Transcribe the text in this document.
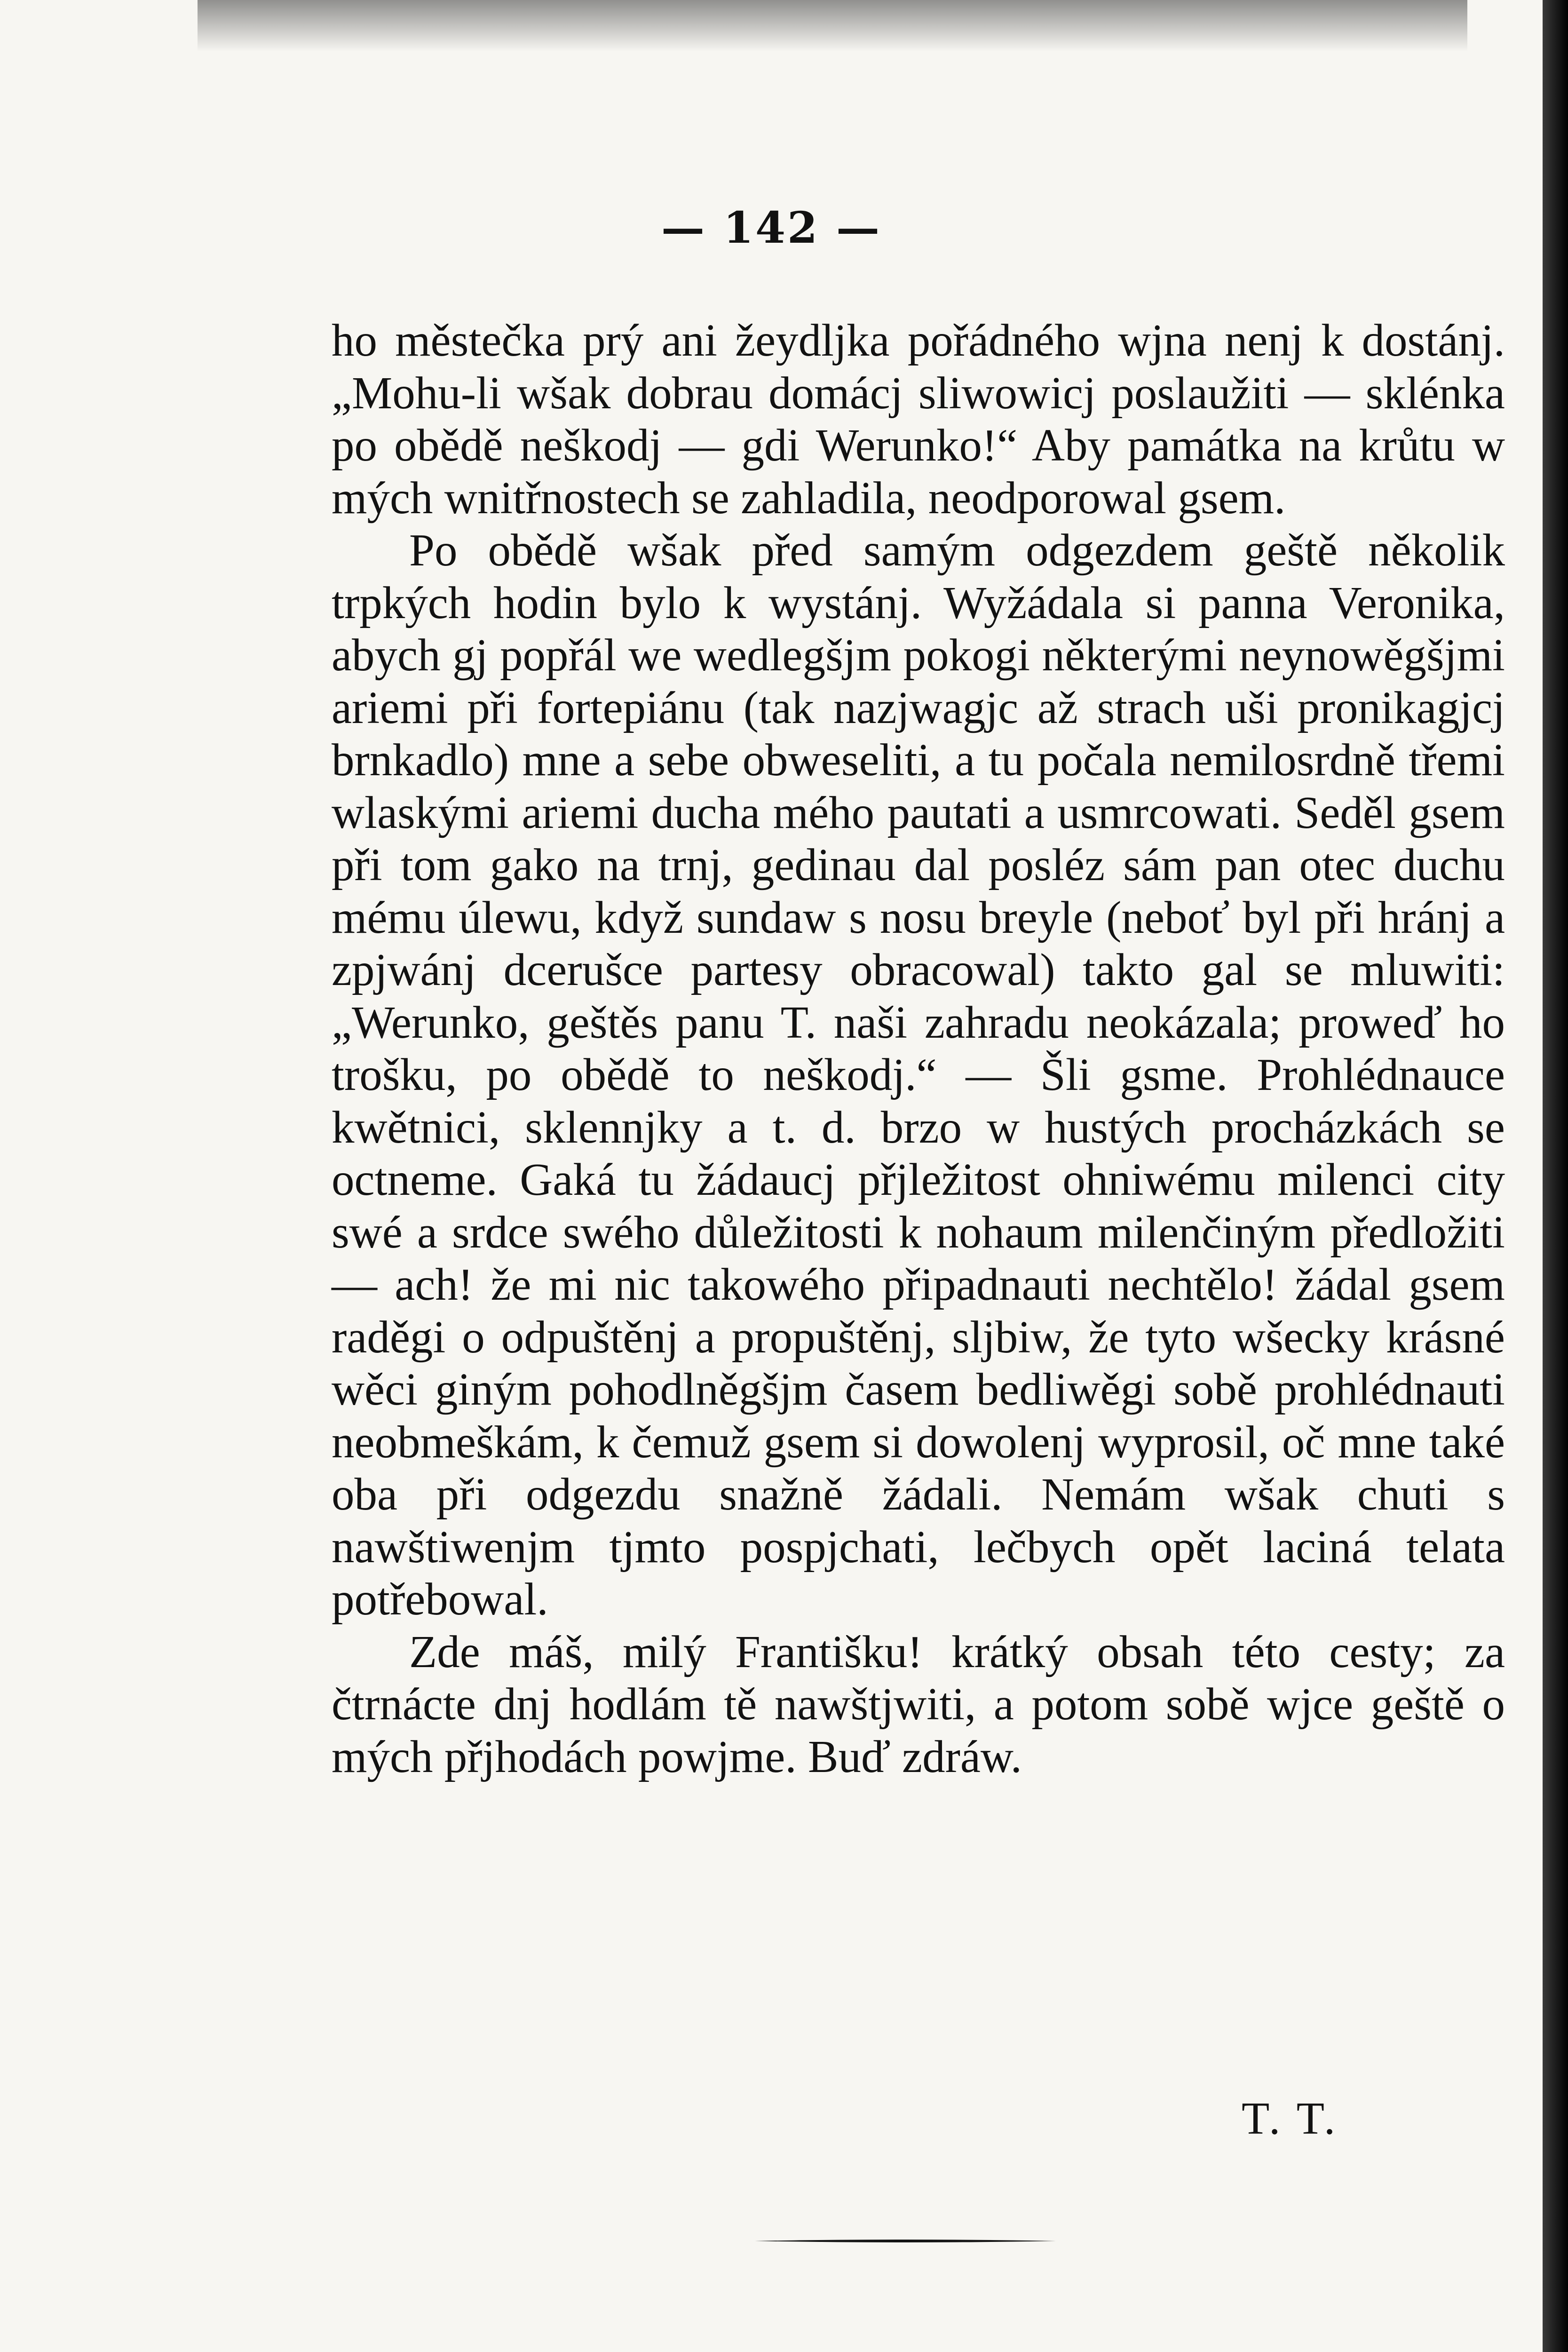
— 142 —

ho městečka prý ani žeydljka pořádného wjna nenj k dostánj. „Mohu-li wšak dobrau domácj sliwowicj poslaužiti — sklénka po obědě neškodj — gdi Werunko!“ Aby památka na krůtu w mých wnitřnostech se zahladila, neodporowal gsem.

Po obědě wšak před samým odgezdem geště několik trpkých hodin bylo k wystánj. Wyžádala si panna Veronika, abych gj popřál we wedlegšjm pokogi některými neynowěgšjmi ariemi při fortepiánu (tak nazjwagjc až strach uši pronikagjcj brnkadlo) mne a sebe obweseliti, a tu počala nemilosrdně třemi wlaskými ariemi ducha mého pautati a usmrcowati. Seděl gsem při tom gako na trnj, gedinau dal posléz sám pan otec duchu mému úlewu, když sundaw s nosu breyle (neboť byl při hránj a zpjwánj dcerušce partesy obracowal) takto gal se mluwiti: „Werunko, geštěs panu T. naši zahradu neokázala; proweď ho trošku, po obědě to neškodj.“ — Šli gsme. Prohlédnauce kwětnici, sklennjky a t. d. brzo w hustých procházkách se octneme. Gaká tu žádaucj přjležitost ohniwému milenci city swé a srdce swého důležitosti k nohaum milenčiným předložiti — ach! že mi nic takowého připadnauti nechtělo! žádal gsem raděgi o odpuštěnj a propuštěnj, sljbiw, že tyto wšecky krásné wěci giným pohodlněgšjm časem bedliwěgi sobě prohlédnauti neobmeškám, k čemuž gsem si dowolenj wyprosil, oč mne také oba při odgezdu snažně žádali. Nemám wšak chuti s nawštiwenjm tjmto pospjchati, lečbych opět laciná telata potřebowal.

Zde máš, milý Františku! krátký obsah této cesty; za čtrnácte dnj hodlám tě nawštjwiti, a potom sobě wjce geště o mých přjhodách powjme. Buď zdráw.

T. T.
